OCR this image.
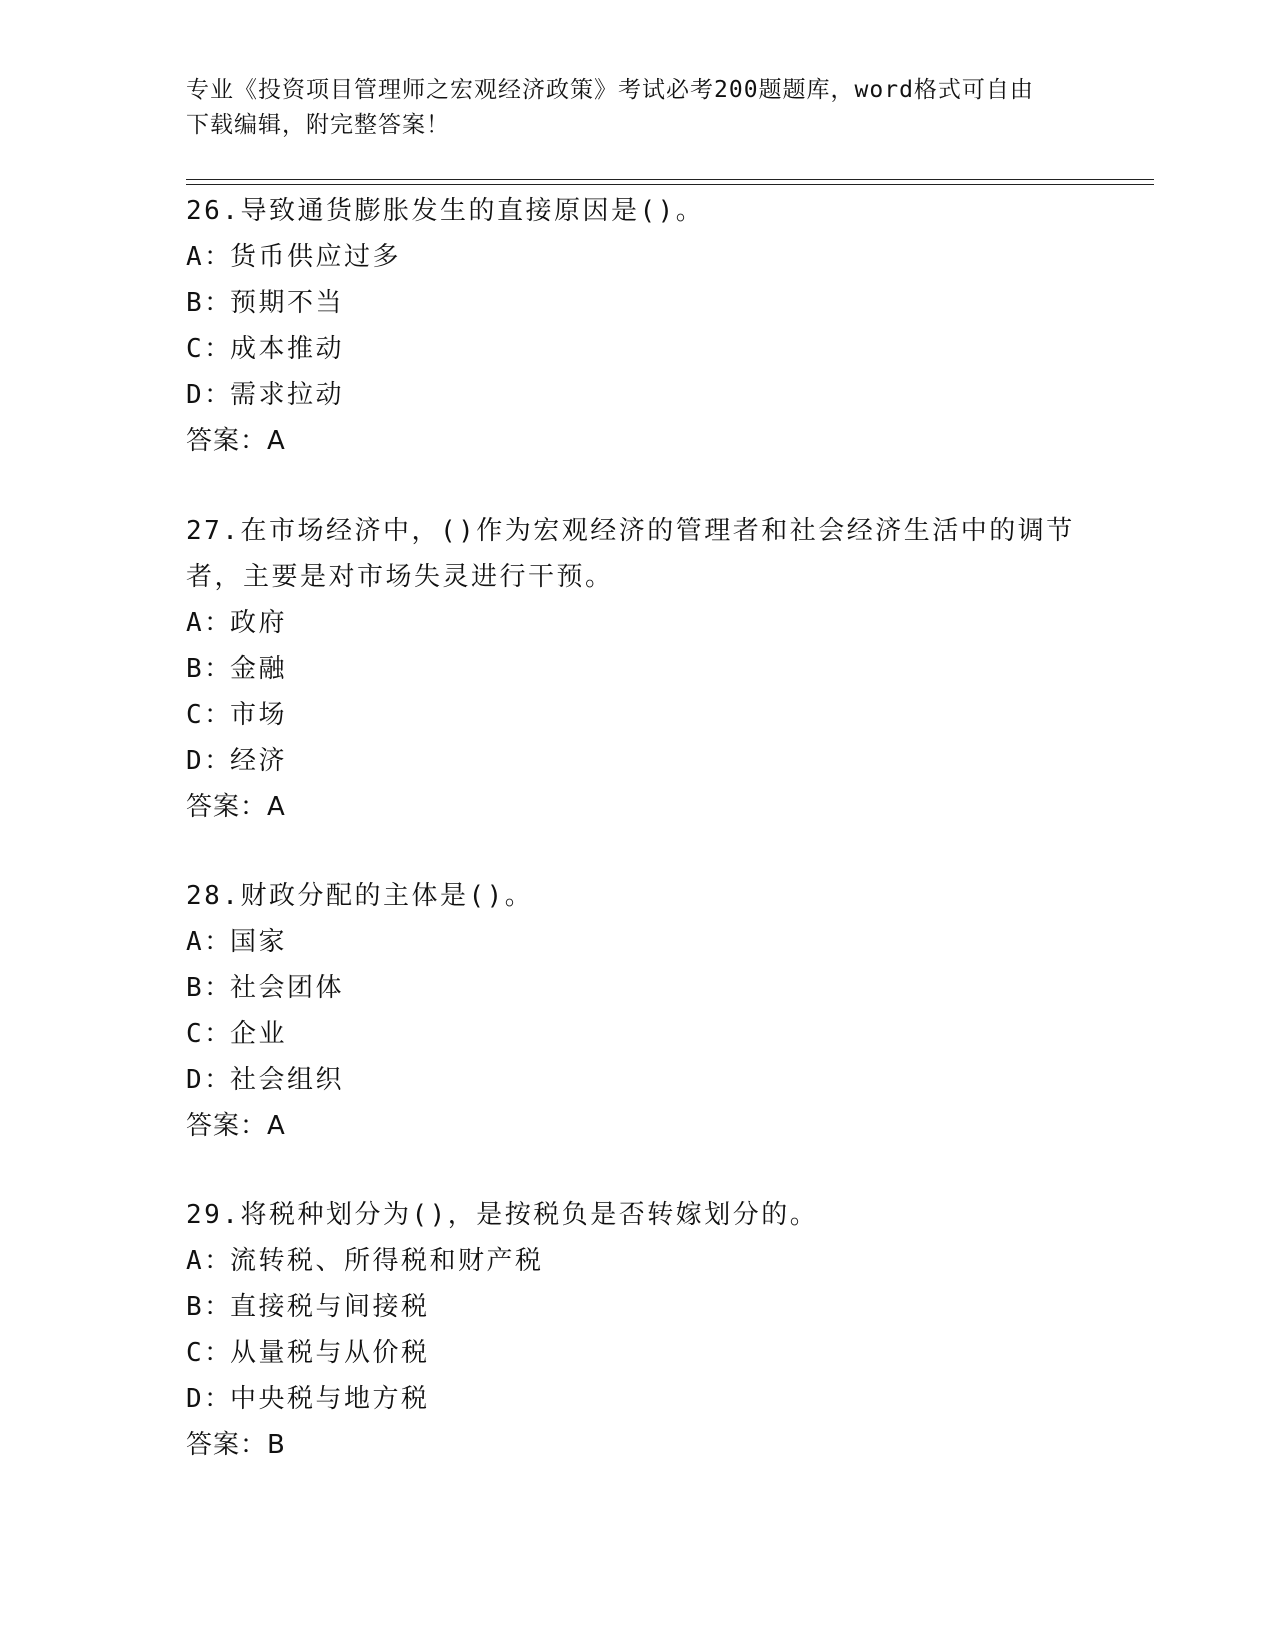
专业《投资项目管理师之宏观经济政策》考试必考200题题库，word格式可自由
下载编辑，附完整答案！

26.导致通货膨胀发生的直接原因是()。

A：
货币供应过多
B：
预期不当
C：
成本推动
D：
需求拉动
答案：A

27.在市场经济中，()作为宏观经济的管理者和社会经济生活中的调节者，主要是对市场失灵进行干预。

A：
政府
B：
金融
C：
市场
D：
经济
答案：A

28.财政分配的主体是()。

A：
国家
B：
社会团体
C：
企业
D：
社会组织
答案：A

29.将税种划分为()，是按税负是否转嫁划分的。

A：
流转税、所得税和财产税
B：
直接税与间接税
C：
从量税与从价税
D：
中央税与地方税
答案：B
